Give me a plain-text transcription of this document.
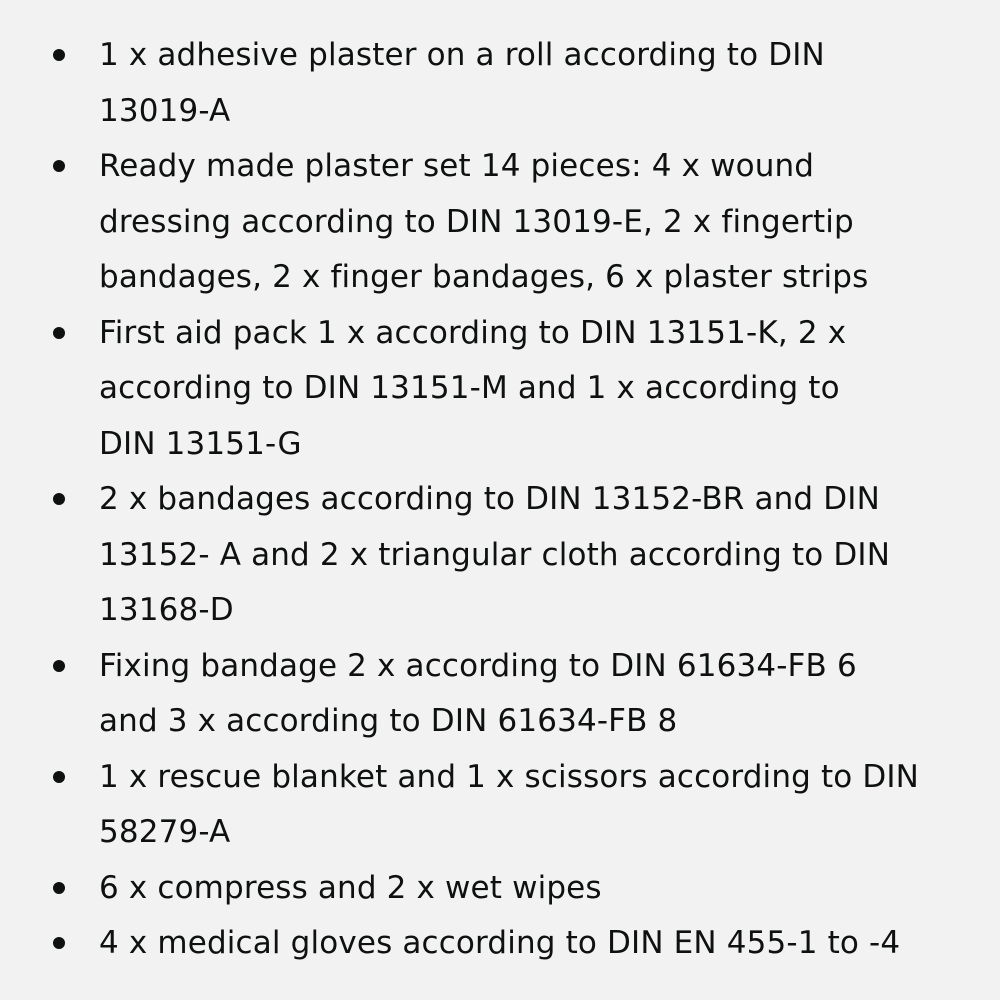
1 x adhesive plaster on a roll according to DIN
13019-A
Ready made plaster set 14 pieces: 4 x wound
dressing according to DIN 13019-E, 2 x fingertip
bandages, 2 x finger bandages, 6 x plaster strips
First aid pack 1 x according to DIN 13151-K, 2 x
according to DIN 13151-M and 1 x according to
DIN 13151-G
2 x bandages according to DIN 13152-BR and DIN
13152- A and 2 x triangular cloth according to DIN
13168-D
Fixing bandage 2 x according to DIN 61634-FB 6
and 3 x according to DIN 61634-FB 8
1 x rescue blanket and 1 x scissors according to DIN
58279-A
6 x compress and 2 x wet wipes
4 x medical gloves according to DIN EN 455-1 to -4
